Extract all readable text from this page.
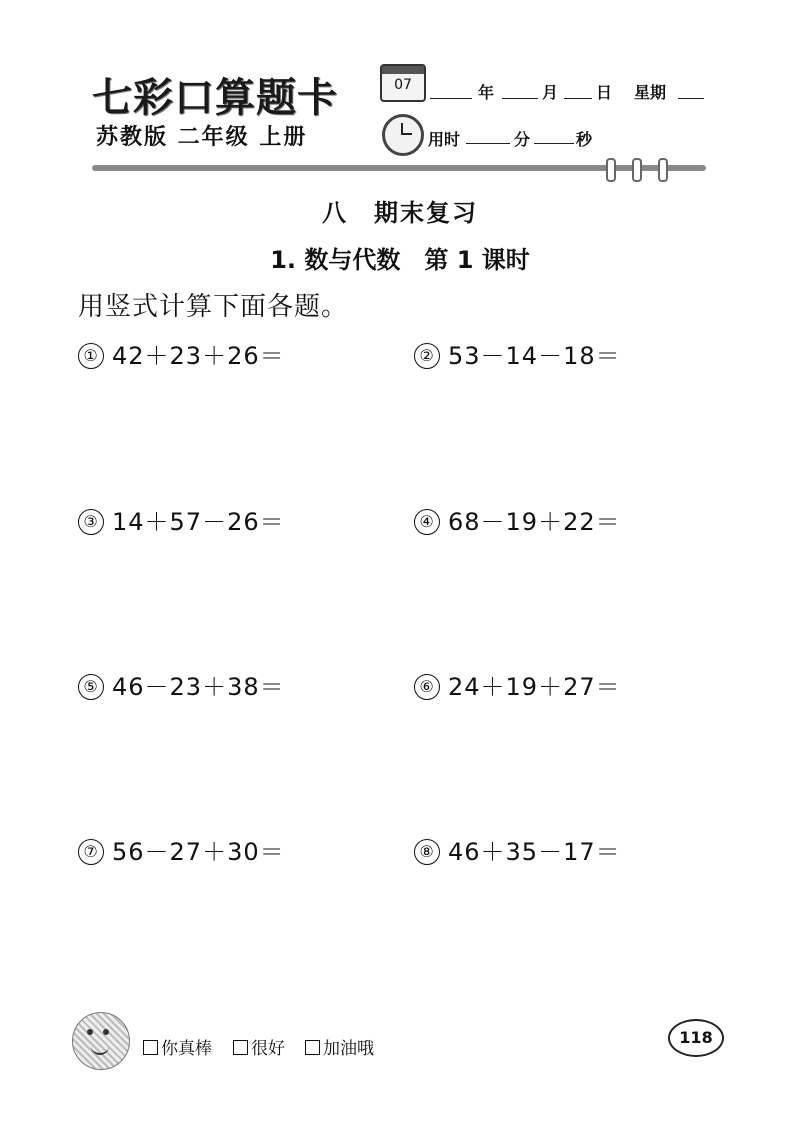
七彩口算题卡
苏教版 二年级 上册
07	年	月 日 星期
用时	分	秒
八　期末复习
1. 数与代数　第 1 课时
用竖式计算下面各题。
① 42＋23＋26＝	② 53－14－18＝
③ 14＋57－26＝	④ 68－19＋22＝
⑤ 46－23＋38＝	⑥ 24＋19＋27＝
⑦ 56－27＋30＝	⑧ 46＋35－17＝
你真棒	很好	加油哦
118
